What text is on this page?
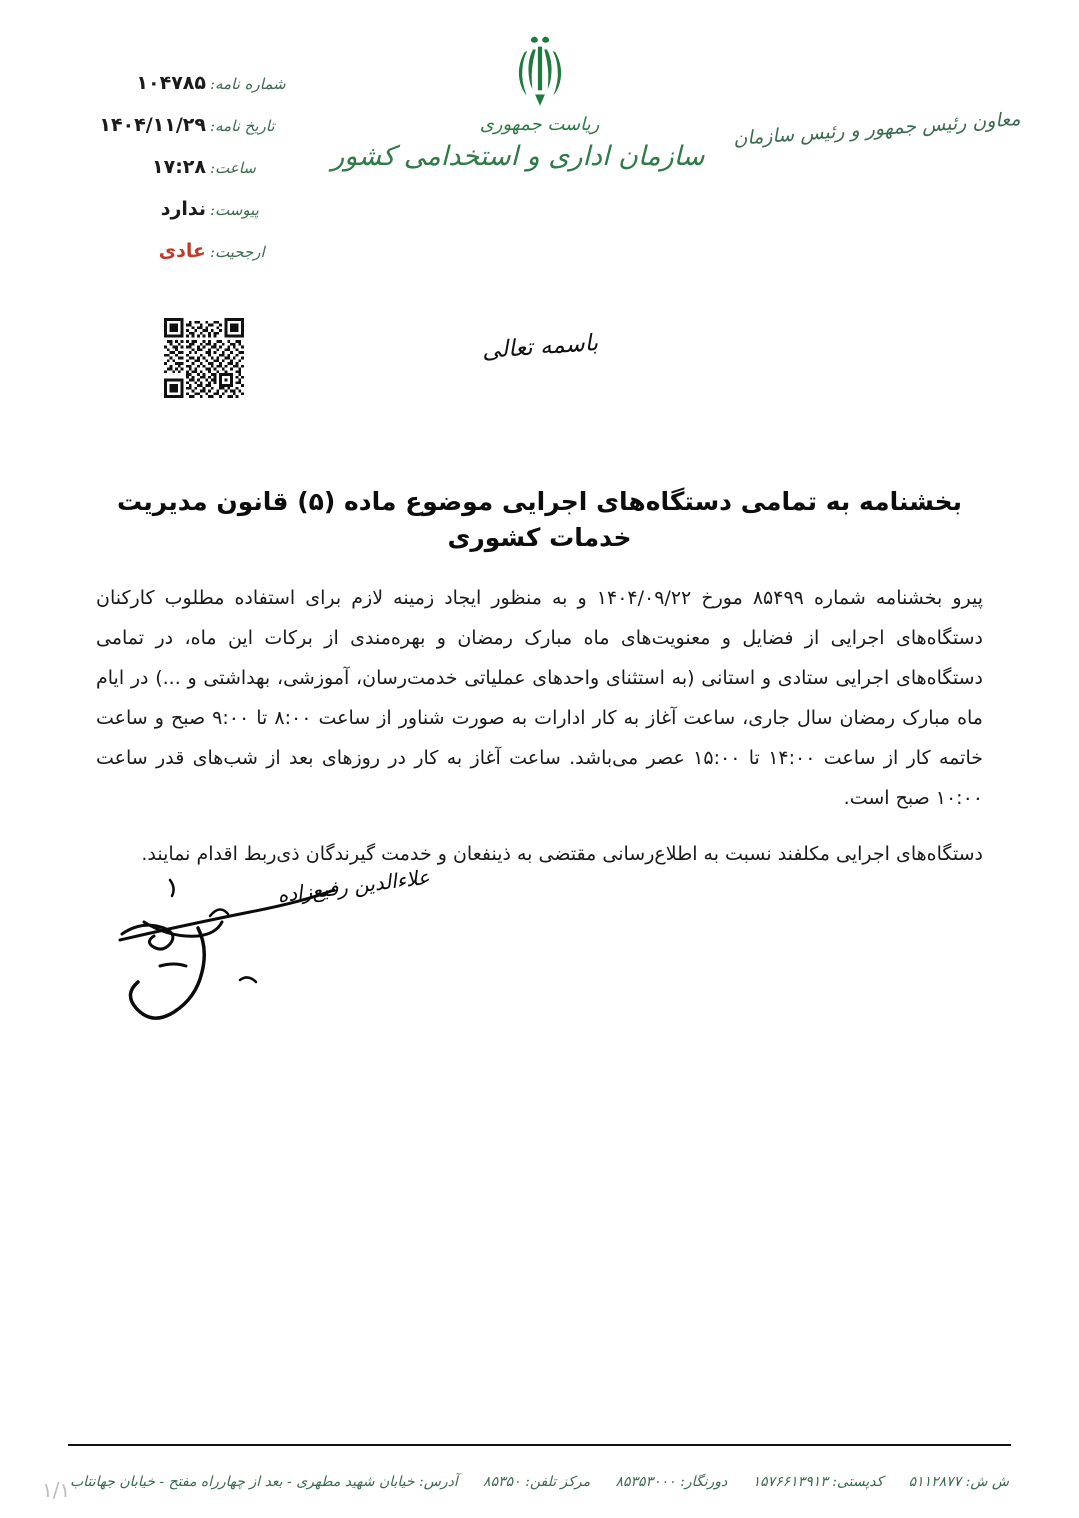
شماره نامه:
۱۰۴۷۸۵
تاریخ نامه:
۱۴۰۴/۱۱/۲۹
ساعت:
۱۷:۲۸
پیوست:
ندارد
ارجحیت:
عادی
ریاست جمهوری
سازمان اداری و استخدامی کشور
معاون رئیس جمهور و رئیس سازمان
باسمه تعالی
بخشنامه به تمامی دستگاه‌های اجرایی موضوع ماده (۵) قانون مدیریت خدمات کشوری

پیرو بخشنامه شماره ۸۵۴۹۹ مورخ ۱۴۰۴/۰۹/۲۲ و به منظور ایجاد زمینه لازم برای استفاده مطلوب کارکنان دستگاه‌های اجرایی از فضایل و معنویت‌های ماه مبارک رمضان و بهره‌مندی از برکات این ماه، در تمامی دستگاه‌های اجرایی ستادی و استانی (به استثنای واحدهای عملیاتی خدمت‌رسان، آموزشی، بهداشتی و ...) در ایام ماه مبارک رمضان سال جاری، ساعت آغاز به کار ادارات به صورت شناور از ساعت ۸:۰۰ تا ۹:۰۰ صبح و ساعت خاتمه کار از ساعت ۱۴:۰۰ تا ۱۵:۰۰ عصر می‌باشد. ساعت آغاز به کار در روزهای بعد از شب‌های قدر ساعت ۱۰:۰۰ صبح است.

دستگاه‌های اجرایی مکلفند نسبت به اطلاع‌رسانی مقتضی به ذینفعان و خدمت گیرندگان ذی‌ربط اقدام نمایند.

علاءالدین رفیع‌زاده
ش ش: ۵۱۱۲۸۷۷
کدپستی: ۱۵۷۶۶۱۳۹۱۳
دورنگار: ۸۵۳۵۳۰۰۰
مرکز تلفن: ۸۵۳۵۰
آدرس: خیابان شهید مطهری - بعد از چهارراه مفتح - خیابان جهانتاب
۱/۱
